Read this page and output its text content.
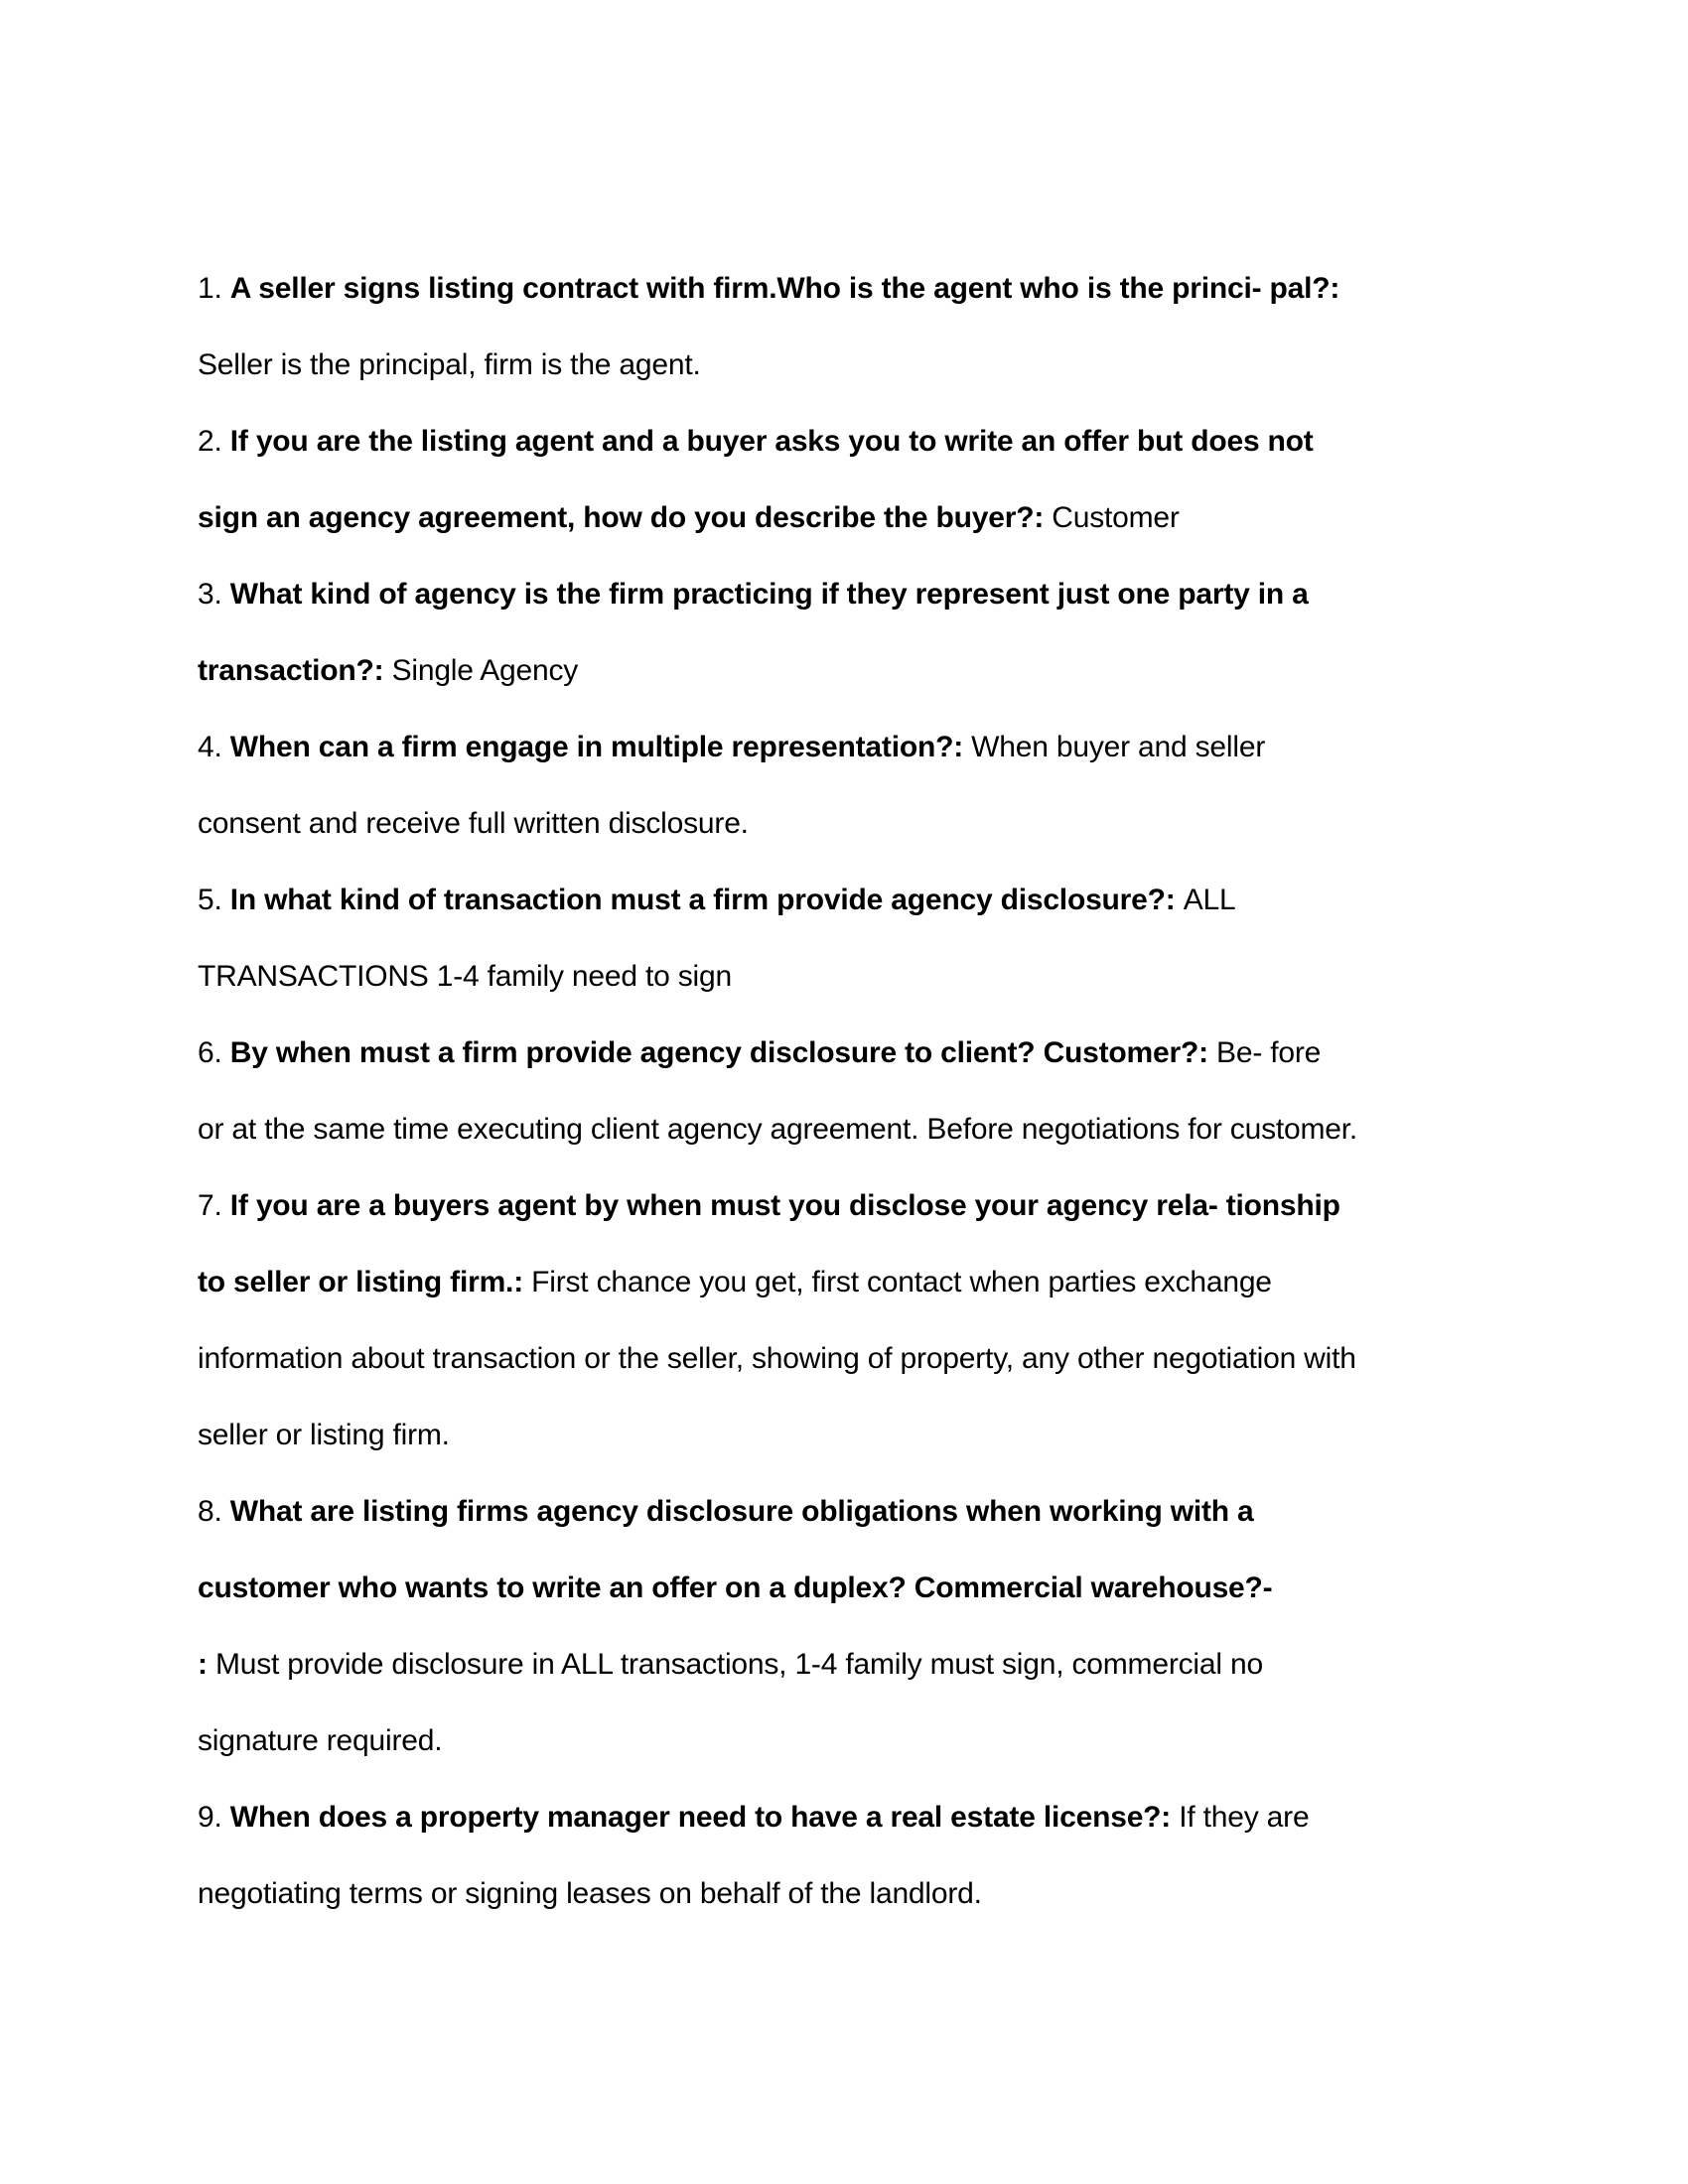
1. A seller signs listing contract with firm.Who is the agent who is the princi- pal?:
Seller is the principal, firm is the agent.
2. If you are the listing agent and a buyer asks you to write an offer but does not
sign an agency agreement, how do you describe the buyer?: Customer
3. What kind of agency is the firm practicing if they represent just one party in a
transaction?: Single Agency
4. When can a firm engage in multiple representation?: When buyer and seller
consent and receive full written disclosure.
5. In what kind of transaction must a firm provide agency disclosure?: ALL
TRANSACTIONS 1-4 family need to sign
6. By when must a firm provide agency disclosure to client? Customer?: Be- fore
or at the same time executing client agency agreement. Before negotiations for customer.
7. If you are a buyers agent by when must you disclose your agency rela- tionship
to seller or listing firm.: First chance you get, first contact when parties exchange
information about transaction or the seller, showing of property, any other negotiation with
seller or listing firm.
8. What are listing firms agency disclosure obligations when working with a
customer who wants to write an offer on a duplex? Commercial warehouse?-
: Must provide disclosure in ALL transactions, 1-4 family must sign, commercial no
signature required.
9. When does a property manager need to have a real estate license?: If they are
negotiating terms or signing leases on behalf of the landlord.
